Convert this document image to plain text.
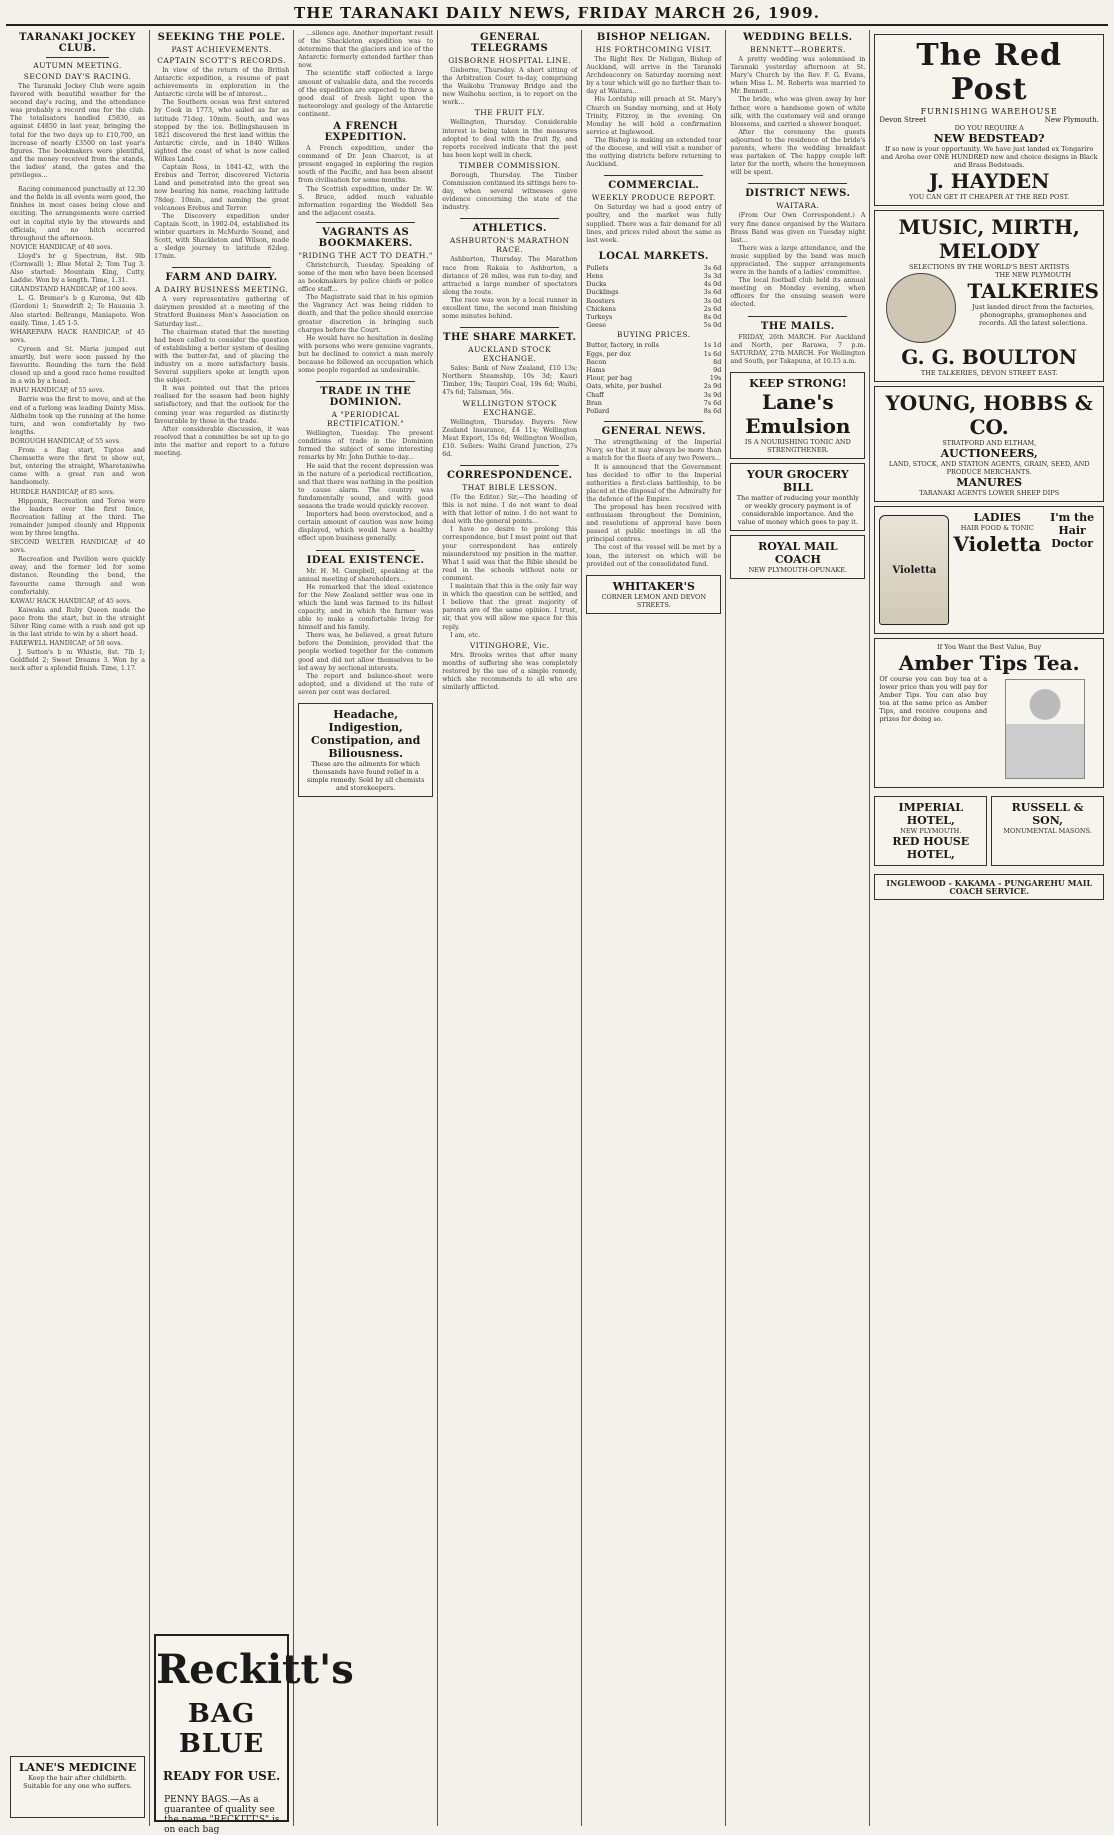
THE TARANAKI DAILY NEWS, FRIDAY MARCH 26, 1909.
TARANAKI JOCKEY CLUB.
AUTUMN MEETING.
SECOND DAY'S RACING.

The Taranaki Jockey Club were again favored with beautiful weather for the second day's racing, and the attendance was probably a record one for the club. The totalisators handled £5830, as against £4850 in last year, bringing the total for the two days up to £10,700, an increase of nearly £3500 on last year's figures. The bookmakers were plentiful, and the money received from the stands, the ladies' stand, the gates and the privileges...

Racing commenced punctually at 12.30 and the fields in all events were good, the finishes in most cases being close and exciting. The arrangements were carried out in capital style by the stewards and officials, and no hitch occurred throughout the afternoon.

NOVICE HANDICAP, of 40 sovs.

Lloyd's br g Spectrum, 8st. 9lb (Cornwall) 1; Blue Metal 2; Tom Tug 3. Also started: Mountain King, Cutty, Laddie. Won by a length. Time, 1.31.

GRANDSTAND HANDICAP, of 100 sovs.

L. G. Bremer's b g Kuroma, 9st 4lb (Gordon) 1; Snowdrift 2; Te Hauauia 3. Also started: Bellrange, Maniapoto. Won easily. Time, 1.45 1-5.

WHAREPAPA HACK HANDICAP, of 45 sovs.

Cyreen and St. Maria jumped out smartly, but were soon passed by the favourite. Rounding the turn the field closed up and a good race home resulted in a win by a head.

PAHU HANDICAP, of 55 sovs.

Barrie was the first to move, and at the end of a furlong was leading Dainty Miss. Aldhelm took up the running at the home turn, and won comfortably by two lengths.

BOROUGH HANDICAP, of 55 sovs.

From a flag start, Tiptoe and Chemsette were the first to show out, but, entering the straight, Wharetaniwha came with a great run and won handsomely.

HURDLE HANDICAP, of 85 sovs.

Hipponix, Recreation and Toroa were the leaders over the first fence, Recreation falling at the third. The remainder jumped cleanly and Hipponix won by three lengths.

SECOND WELTER HANDICAP, of 40 sovs.

Recreation and Pavilion were quickly away, and the former led for some distance. Rounding the bend, the favourite came through and won comfortably.

KAWAU HACK HANDICAP, of 45 sovs.

Kaiwaka and Ruby Queen made the pace from the start, but in the straight Silver Ring came with a rush and got up in the last stride to win by a short head.

FAREWELL HANDICAP, of 50 sovs.

J. Sutton's b m Whistle, 8st. 7lb 1; Goldfield 2; Sweet Dreams 3. Won by a neck after a splendid finish. Time, 1.17.

LANE'S MEDICINE
Keep the hair after childbirth. Suitable for any one who suffers.
SEEKING THE POLE.
PAST ACHIEVEMENTS.
CAPTAIN SCOTT'S RECORDS.

In view of the return of the British Antarctic expedition, a resume of past achievements in exploration in the Antarctic circle will be of interest...

The Southern ocean was first entered by Cook in 1773, who sailed as far as latitude 71deg. 10min. South, and was stopped by the ice. Bellingshausen in 1821 discovered the first land within the Antarctic circle, and in 1840 Wilkes sighted the coast of what is now called Wilkes Land.

Captain Ross, in 1841-42, with the Erebus and Terror, discovered Victoria Land and penetrated into the great sea now bearing his name, reaching latitude 78deg. 10min., and naming the great volcanoes Erebus and Terror.

The Discovery expedition under Captain Scott, in 1902-04, established its winter quarters in McMurdo Sound, and Scott, with Shackleton and Wilson, made a sledge journey to latitude 82deg. 17min.

FARM AND DAIRY.
A DAIRY BUSINESS MEETING.

A very representative gathering of dairymen presided at a meeting of the Stratford Business Men's Association on Saturday last...

The chairman stated that the meeting had been called to consider the question of establishing a better system of dealing with the butter-fat, and of placing the industry on a more satisfactory basis. Several suppliers spoke at length upon the subject.

It was pointed out that the prices realised for the season had been highly satisfactory, and that the outlook for the coming year was regarded as distinctly favourable by those in the trade.

After considerable discussion, it was resolved that a committee be set up to go into the matter and report to a future meeting.

Reckitt's
BAG BLUE
READY FOR USE.
PENNY BAGS.—As a guarantee of quality see the name "RECKITT'S" is on each bag

...silence age. Another important result of the Shackleton expedition was to determine that the glaciers and ice of the Antarctic formerly extended farther than now.

The scientific staff collected a large amount of valuable data, and the records of the expedition are expected to throw a good deal of fresh light upon the meteorology and geology of the Antarctic continent.

A FRENCH EXPEDITION.

A French expedition, under the command of Dr. Jean Charcot, is at present engaged in exploring the region south of the Pacific, and has been absent from civilisation for some months.

The Scottish expedition, under Dr. W. S. Bruce, added much valuable information regarding the Weddell Sea and the adjacent coasts.

VAGRANTS AS BOOKMAKERS.
"RIDING THE ACT TO DEATH."

Christchurch, Tuesday. Speaking of some of the men who have been licensed as bookmakers by police chiefs or police office staff...

The Magistrate said that in his opinion the Vagrancy Act was being ridden to death, and that the police should exercise greater discretion in bringing such charges before the Court.

He would have no hesitation in dealing with persons who were genuine vagrants, but he declined to convict a man merely because he followed an occupation which some people regarded as undesirable.

TRADE IN THE DOMINION.
A "PERIODICAL RECTIFICATION."

Wellington, Tuesday. The present conditions of trade in the Dominion formed the subject of some interesting remarks by Mr. John Duthie to-day...

He said that the recent depression was in the nature of a periodical rectification, and that there was nothing in the position to cause alarm. The country was fundamentally sound, and with good seasons the trade would quickly recover.

Importers had been overstocked, and a certain amount of caution was now being displayed, which would have a healthy effect upon business generally.

IDEAL EXISTENCE.

Mr. H. M. Campbell, speaking at the annual meeting of shareholders...

He remarked that the ideal existence for the New Zealand settler was one in which the land was farmed to its fullest capacity, and in which the farmer was able to make a comfortable living for himself and his family.

There was, he believed, a great future before the Dominion, provided that the people worked together for the common good and did not allow themselves to be led away by sectional interests.

The report and balance-sheet were adopted, and a dividend at the rate of seven per cent was declared.

Headache, Indigestion, Constipation, and Biliousness.
These are the ailments for which thousands have found relief in a simple remedy. Sold by all chemists and storekeepers.
GENERAL TELEGRAMS
GISBORNE HOSPITAL LINE.

Gisborne, Thursday. A short sitting of the Arbitration Court to-day, comprising the Waikohu Tramway Bridge and the new Waihohu section, is to report on the work...

THE FRUIT FLY.

Wellington, Thursday. Considerable interest is being taken in the measures adopted to deal with the fruit fly, and reports received indicate that the pest has been kept well in check.

TIMBER COMMISSION.

Borough, Thursday. The Timber Commission continued its sittings here to-day, when several witnesses gave evidence concerning the state of the industry.

ATHLETICS.
ASHBURTON'S MARATHON RACE.

Ashburton, Thursday. The Marathon race from Rakaia to Ashburton, a distance of 26 miles, was run to-day, and attracted a large number of spectators along the route.

The race was won by a local runner in excellent time, the second man finishing some minutes behind.

THE SHARE MARKET.
AUCKLAND STOCK EXCHANGE.

Sales: Bank of New Zealand, £10 13s; Northern Steamship, 10s 3d; Kauri Timber, 19s; Taupiri Coal, 19s 6d; Waihi, 47s 6d; Talisman, 56s.

WELLINGTON STOCK EXCHANGE.

Wellington, Thursday. Buyers: New Zealand Insurance, £4 11s; Wellington Meat Export, 15s 6d; Wellington Woollen, £10. Sellers: Waihi Grand Junction, 27s 6d.

CORRESPONDENCE.
THAT BIBLE LESSON.

(To the Editor.) Sir,—The heading of this is not mine. I do not want to deal with that letter of mine. I do not want to deal with the general points...

I have no desire to prolong this correspondence, but I must point out that your correspondent has entirely misunderstood my position in the matter. What I said was that the Bible should be read in the schools without note or comment.

I maintain that this is the only fair way in which the question can be settled, and I believe that the great majority of parents are of the same opinion. I trust, sir, that you will allow me space for this reply.

I am, etc.

VITINGHORE, Vic.

Mrs. Brooks writes that after many months of suffering she was completely restored by the use of a simple remedy, which she recommends to all who are similarly afflicted.

BISHOP NELIGAN.
HIS FORTHCOMING VISIT.

The Right Rev. Dr Neligan, Bishop of Auckland, will arrive in the Taranaki Archdeaconry on Saturday morning next by a tour which will go no farther than to-day at Waitara...

His Lordship will preach at St. Mary's Church on Sunday morning, and at Holy Trinity, Fitzroy, in the evening. On Monday he will hold a confirmation service at Inglewood.

The Bishop is making an extended tour of the diocese, and will visit a number of the outlying districts before returning to Auckland.

COMMERCIAL.
WEEKLY PRODUCE REPORT.

On Saturday we had a good entry of poultry, and the market was fully supplied. There was a fair demand for all lines, and prices ruled about the same as last week.

LOCAL MARKETS.
Pullets	3s 6d
Hens	3s 3d
Ducks	4s 0d
Ducklings	3s 6d
Roosters	3s 0d
Chickens	2s 6d
Turkeys	8s 0d
Geese	5s 0d
BUYING PRICES.
Butter, factory, in rolls	1s 1d
Eggs, per doz	1s 6d
Bacon	8d
Hams	9d
Flour, per bag	19s
Oats, white, per bushel	2s 9d
Chaff	3s 9d
Bran	7s 6d
Pollard	8s 6d
GENERAL NEWS.

The strengthening of the Imperial Navy, so that it may always be more than a match for the fleets of any two Powers...

It is announced that the Government has decided to offer to the Imperial authorities a first-class battleship, to be placed at the disposal of the Admiralty for the defence of the Empire.

The proposal has been received with enthusiasm throughout the Dominion, and resolutions of approval have been passed at public meetings in all the principal centres.

The cost of the vessel will be met by a loan, the interest on which will be provided out of the consolidated fund.

WHITAKER'S
CORNER LEMON AND DEVON STREETS.
WEDDING BELLS.
BENNETT—ROBERTS.

A pretty wedding was solemnised in Taranaki yesterday afternoon at St. Mary's Church by the Rev. F. G. Evans, when Miss L. M. Roberts was married to Mr. Bennett...

The bride, who was given away by her father, wore a handsome gown of white silk, with the customary veil and orange blossoms, and carried a shower bouquet.

After the ceremony the guests adjourned to the residence of the bride's parents, where the wedding breakfast was partaken of. The happy couple left later for the north, where the honeymoon will be spent.

DISTRICT NEWS.
WAITARA.

(From Our Own Correspondent.) A very fine dance organised by the Waitara Brass Band was given on Tuesday night last...

There was a large attendance, and the music supplied by the band was much appreciated. The supper arrangements were in the hands of a ladies' committee.

The local football club held its annual meeting on Monday evening, when officers for the ensuing season were elected.

THE MAILS.

FRIDAY, 26th MARCH. For Auckland and North, per Rarawa, 7 p.m. SATURDAY, 27th MARCH. For Wellington and South, per Takapuna, at 10.15 a.m.

KEEP STRONG!
Lane's Emulsion
IS A NOURISHING TONIC AND STRENGTHENER.
YOUR GROCERY BILL
The matter of reducing your monthly or weekly grocery payment is of considerable importance. And the value of money which goes to pay it.
ROYAL MAIL COACH
NEW PLYMOUTH-OPUNAKE.
The Red Post
FURNISHING WAREHOUSE
Devon Street	New Plymouth.
DO YOU REQUIRE A
NEW BEDSTEAD?
If so now is your opportunity. We have just landed ex Tongariro and Aroha over ONE HUNDRED new and choice designs in Black and Brass Bedsteads.
J. HAYDEN
YOU CAN GET IT CHEAPER AT THE RED POST.
MUSIC, MIRTH, MELODY
SELECTIONS BY THE WORLD'S BEST ARTISTS
THE NEW PLYMOUTH
TALKERIES
Just landed direct from the factories, phonographs, gramophones and records. All the latest selections.
G. G. BOULTON
THE TALKERIES, DEVON STREET EAST.
YOUNG, HOBBS & CO.
STRATFORD AND ELTHAM,
AUCTIONEERS,
LAND, STOCK, AND STATION AGENTS, GRAIN, SEED, AND PRODUCE MERCHANTS.
MANURES
TARANAKI AGENTS LOWER SHEEP DIPS
Violetta
LADIES
HAIR FOOD & TONIC
Violetta
I'm the Hair Doctor
If You Want the Best Value, Buy
Amber Tips Tea.
Of course you can buy tea at a lower price than you will pay for Amber Tips. You can also buy tea at the same price as Amber Tips, and receive coupons and prizes for doing so.
IMPERIAL HOTEL,
NEW PLYMOUTH.
RED HOUSE HOTEL,
RUSSELL & SON,
MONUMENTAL MASONS.
INGLEWOOD - KAKAMA - PUNGAREHU MAIL COACH SERVICE.
